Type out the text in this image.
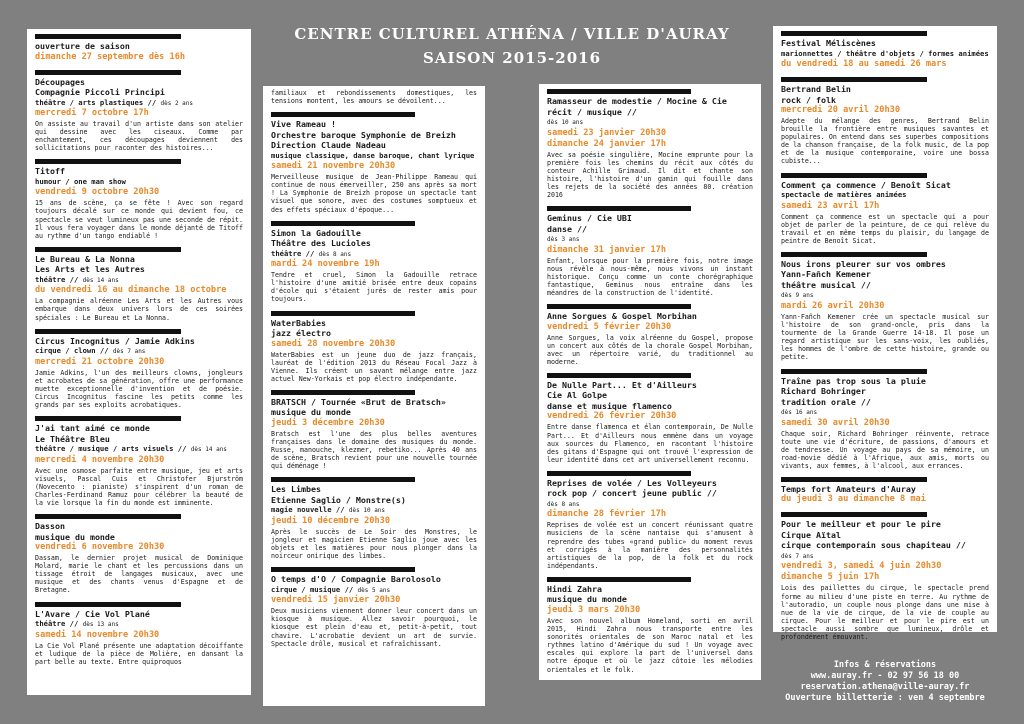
CENTRE CULTUREL ATHÉNA / VILLE D'AURAY
SAISON 2015-2016
ouverture de saison
dimanche 27 septembre dès 16h
Découpages
Compagnie Piccoli Principi
théâtre / arts plastiques // dès 2 ans
mercredi 7 octobre 17h
On assiste au travail d'un artiste dans son atelier qui dessine avec les ciseaux. Comme par enchantement, ces découpages deviennent des sollicitations pour raconter des histoires...
Titoff
humour / one man show
vendredi 9 octobre 20h30
15 ans de scène, ça se fête ! Avec son regard toujours décalé sur ce monde qui devient fou, ce spectacle se veut lumineux pas une seconde de répit. Il vous fera voyager dans le monde déjanté de Titoff au rythme d'un tango endiablé !
Le Bureau & La Nonna
Les Arts et les Autres
théâtre // dès 14 ans
du vendredi 16 au dimanche 18 octobre
La compagnie alréenne Les Arts et les Autres vous embarque dans deux univers lors de ces soirées spéciales : Le Bureau et La Nonna.
Circus Incognitus / Jamie Adkins
cirque / clown // dès 7 ans
mercredi 21 octobre 20h30
Jamie Adkins, l'un des meilleurs clowns, jongleurs et acrobates de sa génération, offre une performance muette exceptionnelle d'invention et de poésie. Circus Incognitus fascine les petits comme les grands par ses exploits acrobatiques.
J'ai tant aimé ce monde
Le Théâtre Bleu
théâtre / musique / arts visuels // dès 14 ans
mercredi 4 novembre 20h30
Avec une osmose parfaite entre musique, jeu et arts visuels, Pascal Cuis et Christofer Bjurström (Novecento : pianiste) s'inspirent d'un roman de Charles-Ferdinand Ramuz pour célébrer la beauté de la vie lorsque la fin du monde est imminente.
Dasson
musique du monde
vendredi 6 novembre 20h30
Dassam, le dernier projet musical de Dominique Molard, marie le chant et les percussions dans un tissage étroit de langages musicaux, avec une musique et des chants venus d'Espagne et de Bretagne.
L'Avare / Cie Vol Plané
théâtre // dès 13 ans
samedi 14 novembre 20h30
La Cie Vol Plané présente une adaptation décoiffante et ludique de la pièce de Molière, en dansant la part belle au texte. Entre quiproquos
familiaux et rebondissements domestiques, les tensions montent, les amours se dévoilent...
Vive Rameau !
Orchestre baroque Symphonie de Breizh
Direction Claude Nadeau
musique classique, danse baroque, chant lyrique
samedi 21 novembre 20h30
Merveilleuse musique de Jean-Philippe Rameau qui continue de nous émerveiller, 250 ans après sa mort ! La Symphonie de Breizh propose un spectacle tant visuel que sonore, avec des costumes somptueux et des effets spéciaux d'époque...
Simon la Gadouille
Théâtre des Lucioles
théâtre // dès 8 ans
mardi 24 novembre 19h
Tendre et cruel, Simon la Gadouille retrace l'histoire d'une amitié brisée entre deux copains d'école qui s'étaient jurés de rester amis pour toujours.
WaterBabies
jazz électro
samedi 28 novembre 20h30
WaterBabies est un jeune duo de jazz français, lauréat de l'édition 2013 du Réseau Focal Jazz à Vienne. Ils créent un savant mélange entre jazz actuel New-Yorkais et pop électro indépendante.
BRATSCH / Tournée «Brut de Bratsch»
musique du monde
jeudi 3 décembre 20h30
Bratsch est l'une des plus belles aventures françaises dans le domaine des musiques du monde. Russe, manouche, klezmer, rebetiko... Après 40 ans de scène, Bratsch revient pour une nouvelle tournée qui déménage !
Les Limbes
Etienne Saglio / Monstre(s)
magie nouvelle // dès 10 ans
jeudi 10 décembre 20h30
Après le succès de Le Soir des Monstres, le jongleur et magicien Etienne Saglio joue avec les objets et les matières pour nous plonger dans la noirceur onirique des limbes.
O temps d'O / Compagnie Barolosolo
cirque / musique // dès 5 ans
vendredi 15 janvier 20h30
Deux musiciens viennent donner leur concert dans un kiosque à musique. Allez savoir pourquoi, le kiosque est plein d'eau et, petit-à-petit, tout chavire. L'acrobatie devient un art de survie. Spectacle drôle, musical et rafraîchissant.
Ramasseur de modestie / Mocine & Cie
récit / musique //
dès 10 ans
samedi 23 janvier 20h30
dimanche 24 janvier 17h
Avec sa poésie singulière, Mocine emprunte pour la première fois les chemins du récit aux côtés du conteur Achille Grimaud. Il dit et chante son histoire, l'histoire d'un gamin qui fouille dans les rejets de la société des années 80. création 2016
Geminus / Cie UBI
danse //
dès 3 ans
dimanche 31 janvier 17h
Enfant, lorsque pour la première fois, notre image nous révèle à nous-même, nous vivons un instant historique. Conçu comme un conte chorégraphique fantastique, Geminus nous entraîne dans les méandres de la construction de l'identité.
Anne Sorgues & Gospel Morbihan
vendredi 5 février 20h30
Anne Sorgues, la voix alréenne du Gospel, propose un concert aux côtés de la chorale Gospel Morbihan, avec un répertoire varié, du traditionnel au moderne.
De Nulle Part... Et d'Ailleurs
Cie Al Golpe
danse et musique flamenco
vendredi 26 février 20h30
Entre danse flamenca et élan contemporain, De Nulle Part... Et d'Ailleurs nous emmène dans un voyage aux sources du Flamenco, en racontant l'histoire des gitans d'Espagne qui ont trouvé l'expression de leur identité dans cet art universellement reconnu.
Reprises de volée / Les Volleyeurs
rock pop / concert jeune public //
dès 8 ans
dimanche 28 février 17h
Reprises de volée est un concert réunissant quatre musiciens de la scène nantaise qui s'amusent à reprendre des tubes «grand public» du moment revus et corrigés à la manière des personnalités artistiques de la pop, de la folk et du rock indépendants.
Hindi Zahra
musique du monde
jeudi 3 mars 20h30
Avec son nouvel album Homeland, sorti en avril 2015, Hindi Zahra nous transporte entre les sonorités orientales de son Maroc natal et les rythmes latino d'Amérique du sud ! Un voyage avec escales qui explore la part de l'universel dans notre époque et où le jazz côtoie les mélodies orientales et le folk.
Festival Méliscènes
marionnettes / théâtre d'objets / formes animées
du vendredi 18 au samedi 26 mars
Bertrand Belin
rock / folk
mercredi 20 avril 20h30
Adepte du mélange des genres, Bertrand Belin brouille la frontière entre musiques savantes et populaires. On entend dans ses superbes compositions de la chanson française, de la folk music, de la pop et de la musique contemporaine, voire une bossa cubiste...
Comment ça commence / Benoît Sicat
spectacle de matières animées
samedi 23 avril 17h
Comment ça commence est un spectacle qui a pour objet de parler de la peinture, de ce qui relève du travail et en même temps du plaisir, du langage de peintre de Benoît Sicat.
Nous irons pleurer sur vos ombres
Yann-Fañch Kemener
théâtre musical //
dès 9 ans
mardi 26 avril 20h30
Yann-Fañch Kemener crée un spectacle musical sur l'histoire de son grand-oncle, pris dans la tourmente de la Grande Guerre 14-18. Il pose un regard artistique sur les sans-voix, les oubliés, les hommes de l'ombre de cette histoire, grande ou petite.
Traîne pas trop sous la pluie
Richard Bohringer
tradition orale //
dès 16 ans
samedi 30 avril 20h30
Chaque soir, Richard Bohringer réinvente, retrace toute une vie d'écriture, de passions, d'amours et de tendresse. Un voyage au pays de sa mémoire, un road-movie dédié à l'Afrique, aux amis, morts ou vivants, aux femmes, à l'alcool, aux errances.
Temps fort Amateurs d'Auray
du jeudi 3 au dimanche 8 mai
Pour le meilleur et pour le pire
Cirque Aïtal
cirque contemporain sous chapiteau //
dès 7 ans
vendredi 3, samedi 4 juin 20h30
dimanche 5 juin 17h
Lois des paillettes du cirque, le spectacle prend forme au milieu d'une piste en terre. Au rythme de l'autoradio, un couple nous plonge dans une mise à nue de la vie de cirque, de la vie de couple au cirque. Pour le meilleur et pour le pire est un spectacle aussi sombre que lumineux, drôle et profondément émouvant.
Infos & réservations
www.auray.fr - 02 97 56 18 00
reservation.athena@ville-auray.fr
Ouverture billetterie : ven 4 septembre
